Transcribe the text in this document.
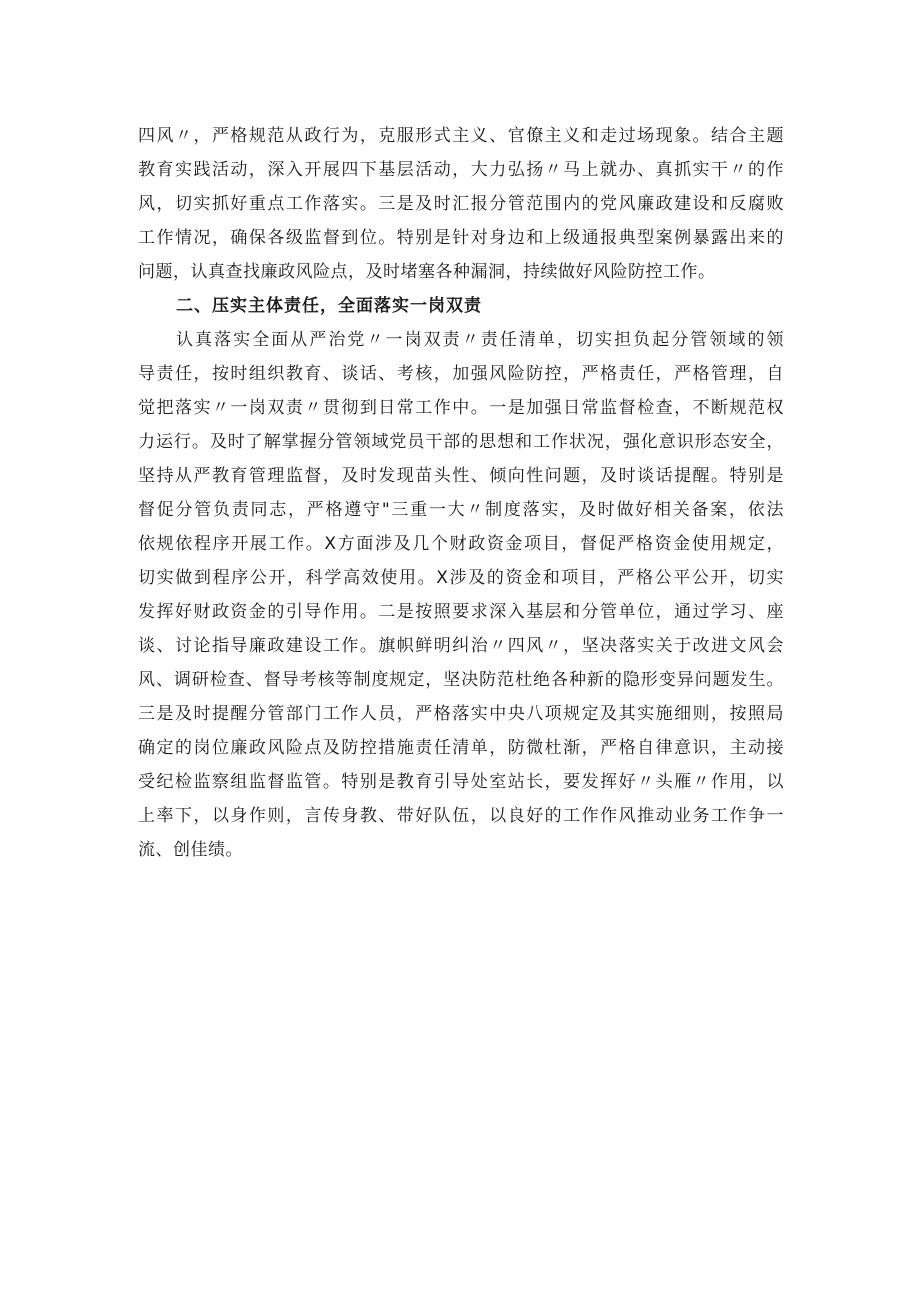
四风〃，严格规范从政行为，克服形式主义、官僚主义和走过场现象。结合主题
教育实践活动，深入开展四下基层活动，大力弘扬〃马上就办、真抓实干〃的作
风，切实抓好重点工作落实。三是及时汇报分管范围内的党风廉政建设和反腐败
工作情况，确保各级监督到位。特别是针对身边和上级通报典型案例暴露出来的
问题，认真查找廉政风险点，及时堵塞各种漏洞，持续做好风险防控工作。
二、压实主体责任，全面落实一岗双责
认真落实全面从严治党〃一岗双责〃责任清单，切实担负起分管领域的领
导责任，按时组织教育、谈话、考核，加强风险防控，严格责任，严格管理，自
觉把落实〃一岗双责〃贯彻到日常工作中。一是加强日常监督检查，不断规范权
力运行。及时了解掌握分管领域党员干部的思想和工作状况，强化意识形态安全，
坚持从严教育管理监督，及时发现苗头性、倾向性问题，及时谈话提醒。特别是
督促分管负责同志，严格遵守"三重一大〃制度落实，及时做好相关备案，依法
依规依程序开展工作。X方面涉及几个财政资金项目，督促严格资金使用规定，
切实做到程序公开，科学高效使用。X涉及的资金和项目，严格公平公开，切实
发挥好财政资金的引导作用。二是按照要求深入基层和分管单位，通过学习、座
谈、讨论指导廉政建设工作。旗帜鲜明纠治〃四风〃，坚决落实关于改进文风会
风、调研检查、督导考核等制度规定，坚决防范杜绝各种新的隐形变异问题发生。
三是及时提醒分管部门工作人员，严格落实中央八项规定及其实施细则，按照局
确定的岗位廉政风险点及防控措施责任清单，防微杜渐，严格自律意识，主动接
受纪检监察组监督监管。特别是教育引导处室站长，要发挥好〃头雁〃作用，以
上率下，以身作则，言传身教、带好队伍，以良好的工作作风推动业务工作争一
流、创佳绩。
